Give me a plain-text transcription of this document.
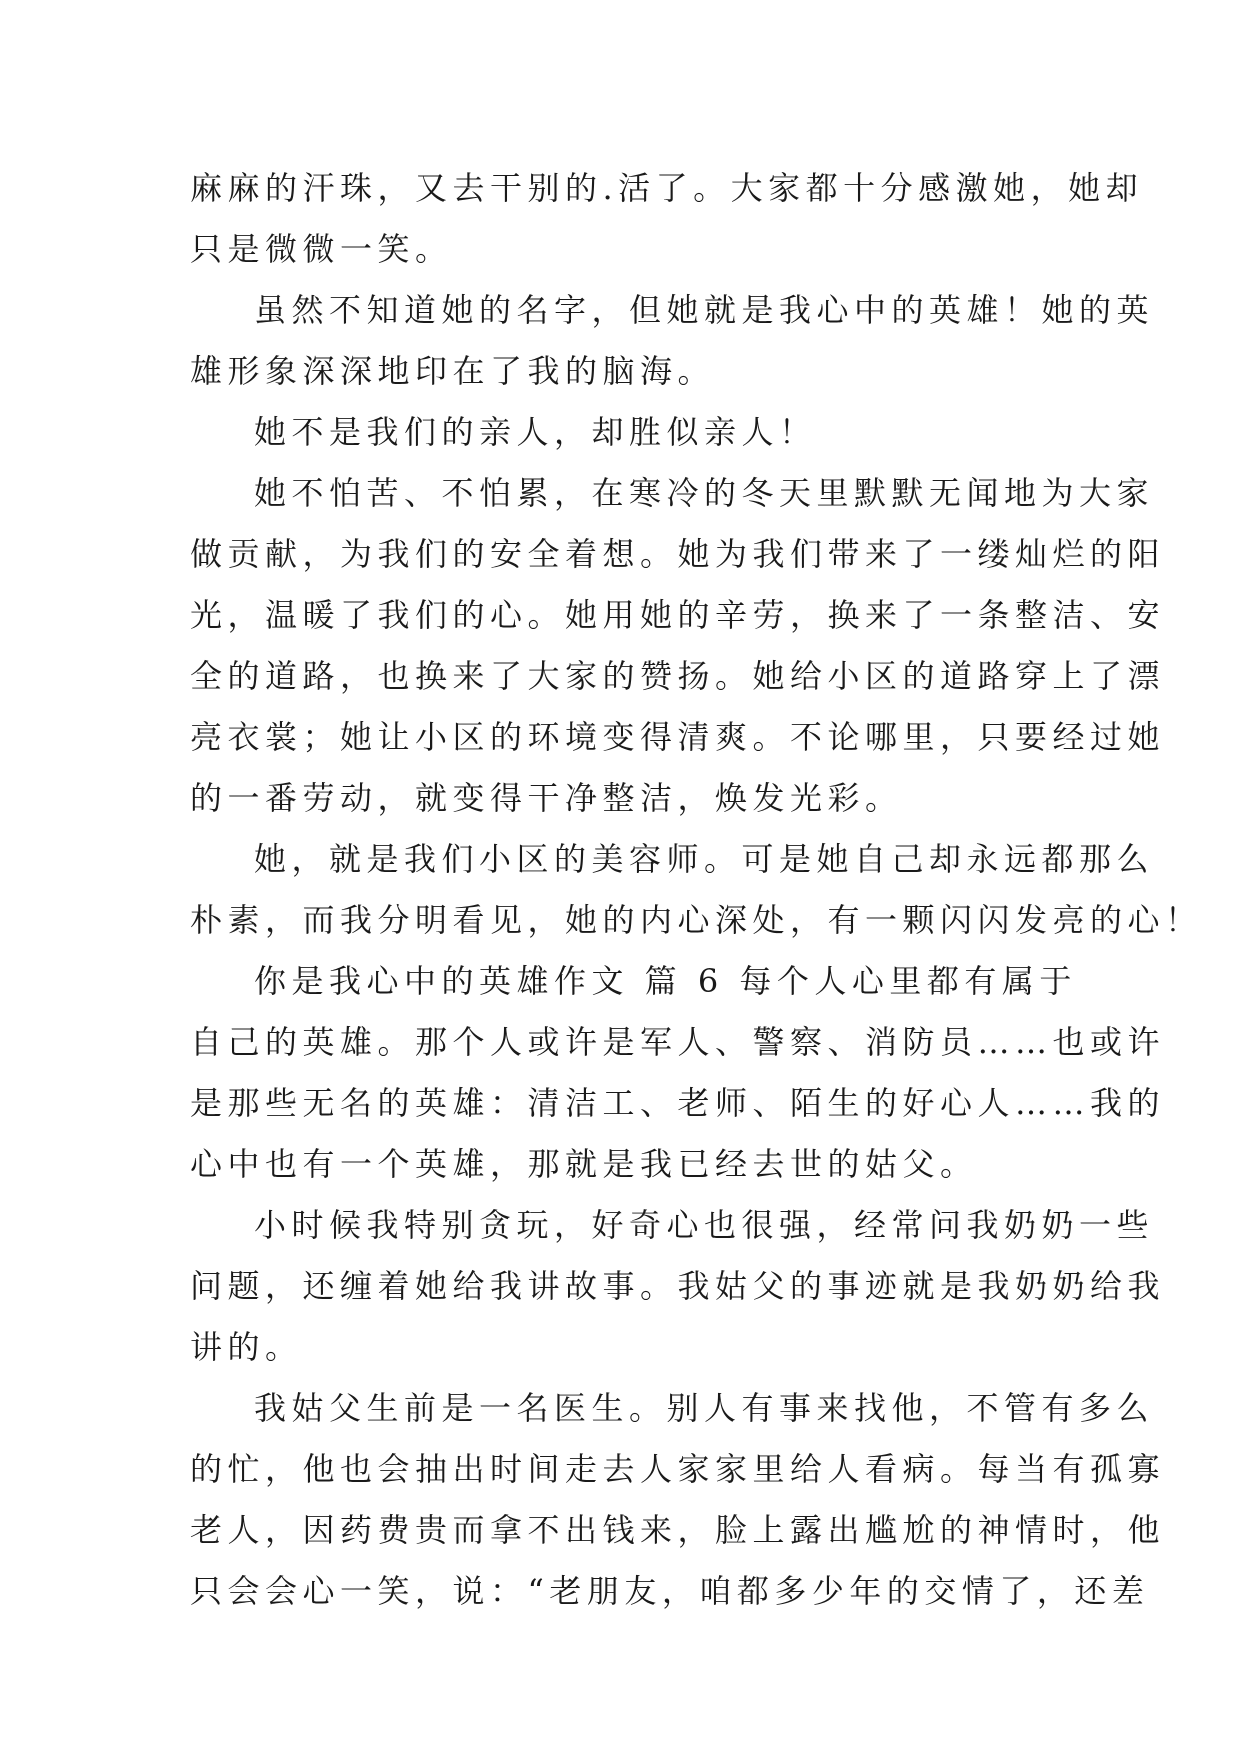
麻麻的汗珠，又去干别的.活了。大家都十分感激她，她却
只是微微一笑。
虽然不知道她的名字，但她就是我心中的英雄！她的英
雄形象深深地印在了我的脑海。
她不是我们的亲人，却胜似亲人！
她不怕苦、不怕累，在寒冷的冬天里默默无闻地为大家
做贡献，为我们的安全着想。她为我们带来了一缕灿烂的阳
光，温暖了我们的心。她用她的辛劳，换来了一条整洁、安
全的道路，也换来了大家的赞扬。她给小区的道路穿上了漂
亮衣裳；她让小区的环境变得清爽。不论哪里，只要经过她
的一番劳动，就变得干净整洁，焕发光彩。
她，就是我们小区的美容师。可是她自己却永远都那么
朴素，而我分明看见，她的内心深处，有一颗闪闪发亮的心！
你是我心中的英雄作文 篇 6 每个人心里都有属于
自己的英雄。那个人或许是军人、警察、消防员……也或许
是那些无名的英雄：清洁工、老师、陌生的好心人……我的
心中也有一个英雄，那就是我已经去世的姑父。
小时候我特别贪玩，好奇心也很强，经常问我奶奶一些
问题，还缠着她给我讲故事。我姑父的事迹就是我奶奶给我
讲的。
我姑父生前是一名医生。别人有事来找他，不管有多么
的忙，他也会抽出时间走去人家家里给人看病。每当有孤寡
老人，因药费贵而拿不出钱来，脸上露出尴尬的神情时，他
只会会心一笑，说：“老朋友，咱都多少年的交情了，还差
